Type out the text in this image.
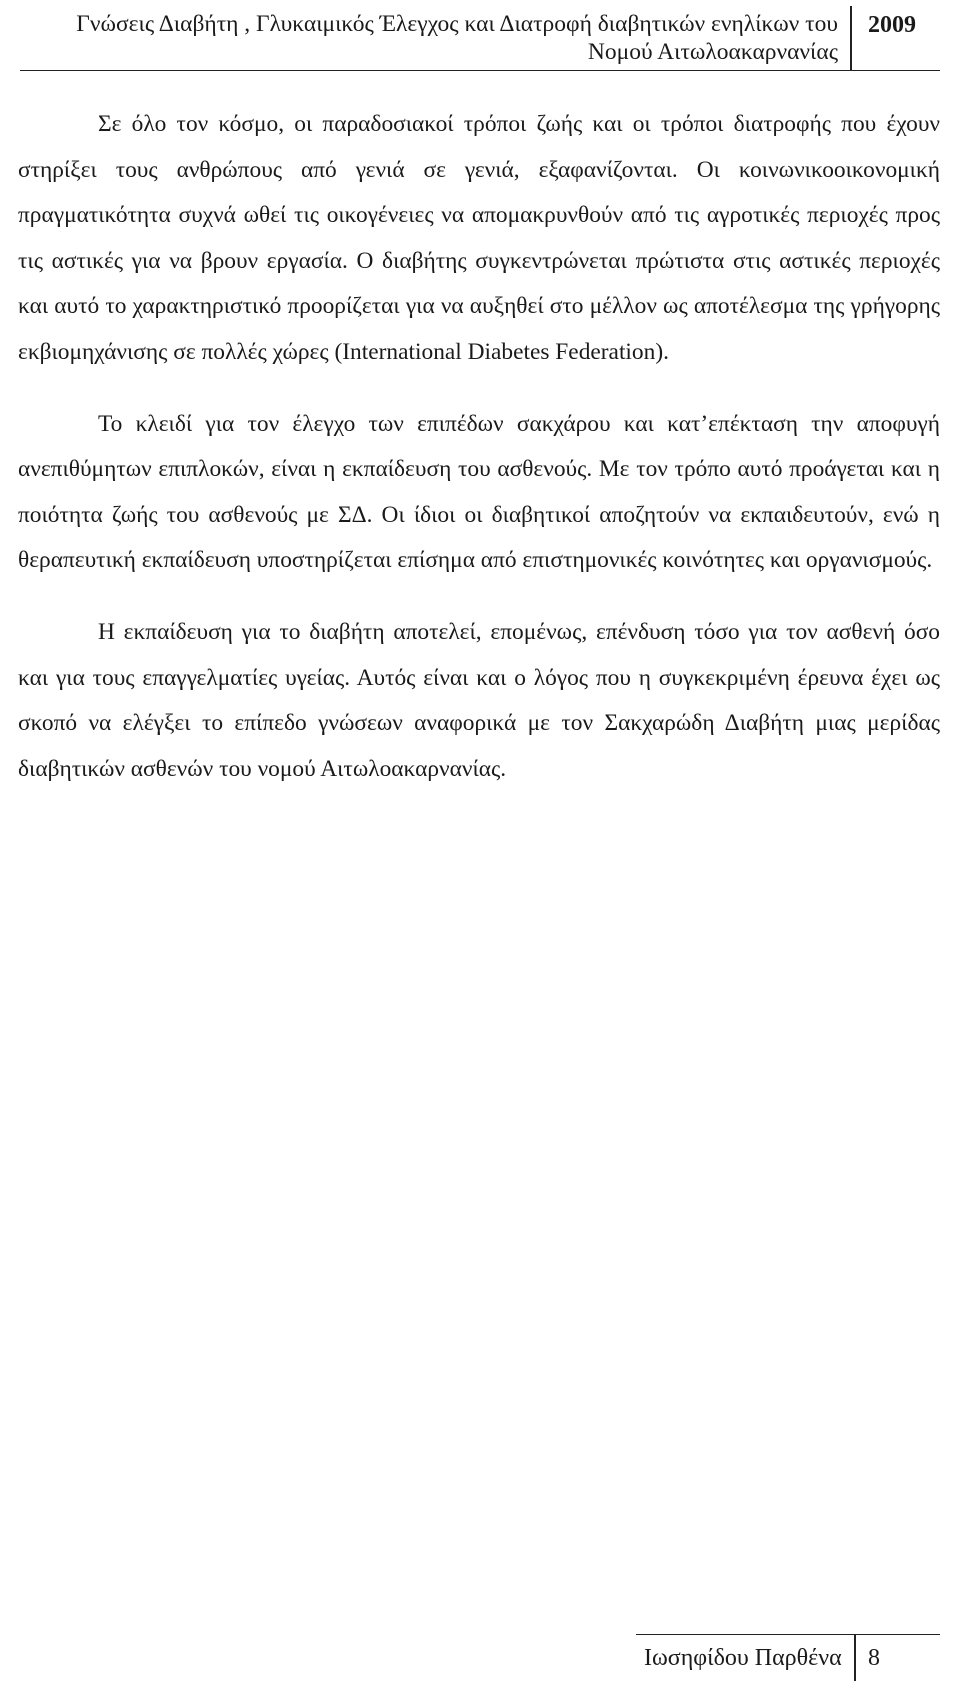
Γνώσεις Διαβήτη , Γλυκαιμικός Έλεγχος και Διατροφή διαβητικών ενηλίκων του Νομού Αιτωλοακαρνανίας
2009

Σε όλο τον κόσμο, οι παραδοσιακοί τρόποι ζωής και οι τρόποι διατροφής που έχουν στηρίξει τους ανθρώπους από γενιά σε γενιά, εξαφανίζονται. Οι κοινωνικοοικονομική πραγματικότητα συχνά ωθεί τις οικογένειες να απομακρυνθούν από τις αγροτικές περιοχές προς τις αστικές για να βρουν εργασία. Ο διαβήτης συγκεντρώνεται πρώτιστα στις αστικές περιοχές και αυτό το χαρακτηριστικό προορίζεται για να αυξηθεί στο μέλλον ως αποτέλεσμα της γρήγορης εκβιομηχάνισης σε πολλές χώρες (International Diabetes Federation).

Το κλειδί για τον έλεγχο των επιπέδων σακχάρου και κατ’επέκταση την αποφυγή ανεπιθύμητων επιπλοκών, είναι η εκπαίδευση του ασθενούς. Με τον τρόπο αυτό προάγεται και η ποιότητα ζωής του ασθενούς με ΣΔ. Οι ίδιοι οι διαβητικοί αποζητούν να εκπαιδευτούν, ενώ η θεραπευτική εκπαίδευση υποστηρίζεται επίσημα από επιστημονικές κοινότητες και οργανισμούς.

Η εκπαίδευση για το διαβήτη αποτελεί, επομένως, επένδυση τόσο για τον ασθενή όσο και για τους επαγγελματίες υγείας. Αυτός είναι και ο λόγος που η συγκεκριμένη έρευνα έχει ως σκοπό να ελέγξει το επίπεδο γνώσεων αναφορικά με τον Σακχαρώδη Διαβήτη μιας μερίδας διαβητικών ασθενών του νομού Αιτωλοακαρνανίας.

Ιωσηφίδου Παρθένα 8
